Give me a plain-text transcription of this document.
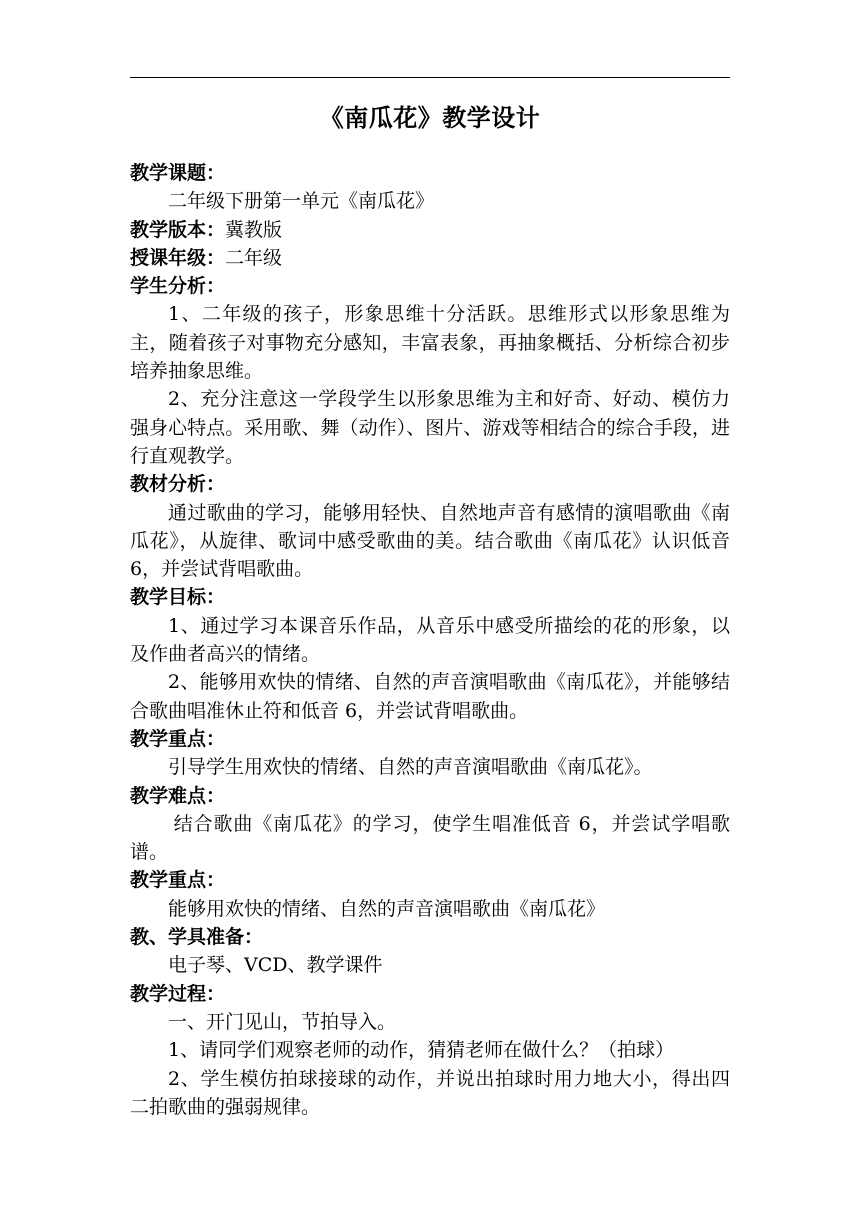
《南瓜花》教学设计

教学课题：

二年级下册第一单元《南瓜花》

教学版本：冀教版

授课年级：二年级

学生分析：

1、二年级的孩子，形象思维十分活跃。思维形式以形象思维为主，随着孩子对事物充分感知，丰富表象，再抽象概括、分析综合初步培养抽象思维。

2、充分注意这一学段学生以形象思维为主和好奇、好动、模仿力强身心特点。采用歌、舞（动作）、图片、游戏等相结合的综合手段，进行直观教学。

教材分析：

通过歌曲的学习，能够用轻快、自然地声音有感情的演唱歌曲《南瓜花》，从旋律、歌词中感受歌曲的美。结合歌曲《南瓜花》认识低音 6，并尝试背唱歌曲。

教学目标：

1、通过学习本课音乐作品，从音乐中感受所描绘的花的形象，以及作曲者高兴的情绪。

2、能够用欢快的情绪、自然的声音演唱歌曲《南瓜花》，并能够结合歌曲唱准休止符和低音 6，并尝试背唱歌曲。

教学重点：

引导学生用欢快的情绪、自然的声音演唱歌曲《南瓜花》。

教学难点：

结合歌曲《南瓜花》的学习，使学生唱准低音 6，并尝试学唱歌谱。

教学重点：

能够用欢快的情绪、自然的声音演唱歌曲《南瓜花》

教、学具准备：

电子琴、VCD、教学课件

教学过程：

一、开门见山，节拍导入。

1、请同学们观察老师的动作，猜猜老师在做什么？（拍球）

2、学生模仿拍球接球的动作，并说出拍球时用力地大小，得出四二拍歌曲的强弱规律。
